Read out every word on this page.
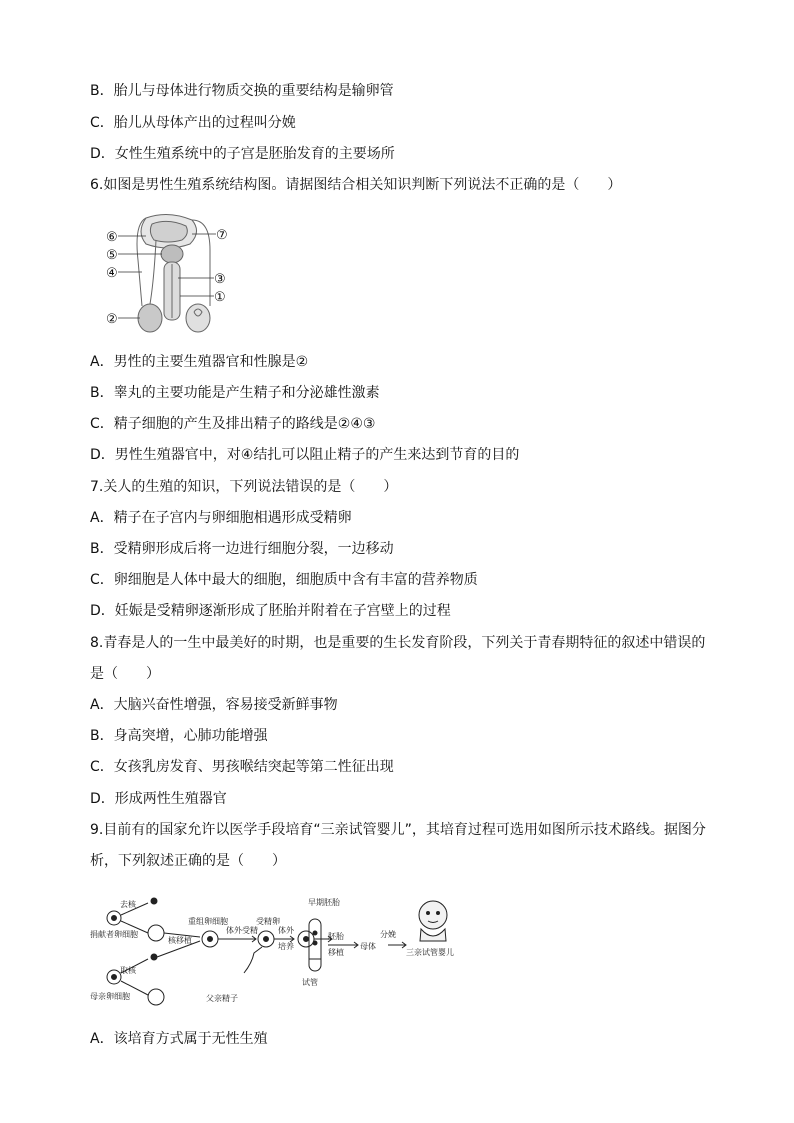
B．胎儿与母体进行物质交换的重要结构是输卵管
C．胎儿从母体产出的过程叫分娩
D．女性生殖系统中的子宫是胚胎发育的主要场所
6.如图是男性生殖系统结构图。请据图结合相关知识判断下列说法不正确的是（　　）
⑥
⑤
④
②
⑦
③
①
A．男性的主要生殖器官和性腺是②
B．睾丸的主要功能是产生精子和分泌雄性激素
C．精子细胞的产生及排出精子的路线是②④③
D．男性生殖器官中，对④结扎可以阻止精子的产生来达到节育的目的
7.关人的生殖的知识，下列说法错误的是（　　）
A．精子在子宫内与卵细胞相遇形成受精卵
B．受精卵形成后将一边进行细胞分裂，一边移动
C．卵细胞是人体中最大的细胞，细胞质中含有丰富的营养物质
D．妊娠是受精卵逐渐形成了胚胎并附着在子宫壁上的过程
8.青春是人的一生中最美好的时期，也是重要的生长发育阶段，下列关于青春期特征的叙述中错误的
是（　　）
A．大脑兴奋性增强，容易接受新鲜事物
B．身高突增，心肺功能增强
C．女孩乳房发育、男孩喉结突起等第二性征出现
D．形成两性生殖器官
9.目前有的国家允许以医学手段培育“三亲试管婴儿”，其培育过程可选用如图所示技术路线。据图分
析，下列叙述正确的是（　　）
去核
捐献者卵细胞
取核
母亲卵细胞
重组卵细胞
核移植
体外受精
受精卵
体外
培养
早期胚胎
胚胎
移植
试管
母体
分娩
父亲精子
三亲试管婴儿
A．该培育方式属于无性生殖
